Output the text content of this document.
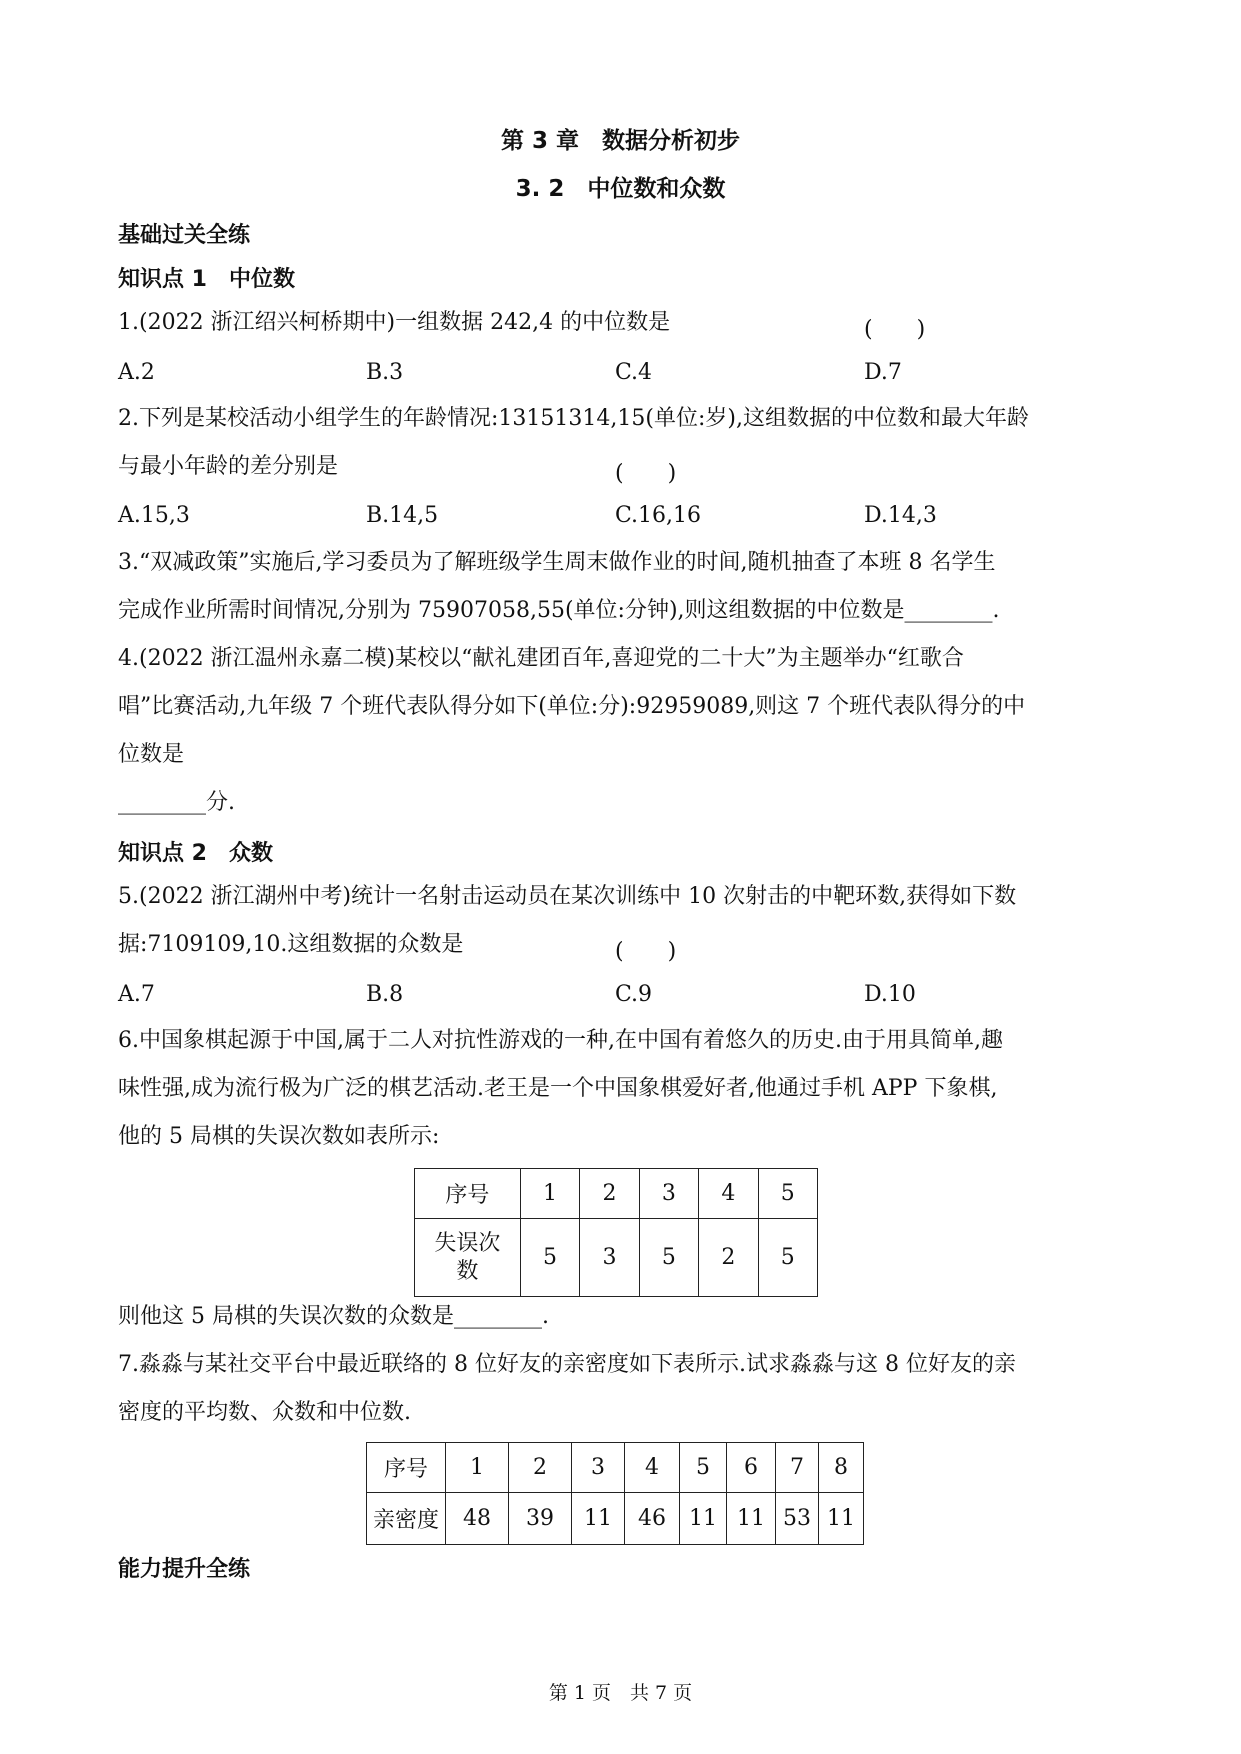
第 3 章　数据分析初步
3. 2　中位数和众数
基础过关全练
知识点 1　中位数
1.(2022 浙江绍兴柯桥期中)一组数据 242,4 的中位数是	(　　)
A.2	B.3	C.4	D.7
2.下列是某校活动小组学生的年龄情况:13151314,15(单位:岁),这组数据的中位数和最大年龄
与最小年龄的差分别是	(　　)
A.15,3	B.14,5	C.16,16	D.14,3
3.“双减政策”实施后,学习委员为了解班级学生周末做作业的时间,随机抽查了本班 8 名学生
完成作业所需时间情况,分别为 75907058,55(单位:分钟),则这组数据的中位数是________.
4.(2022 浙江温州永嘉二模)某校以“献礼建团百年,喜迎党的二十大”为主题举办“红歌合
唱”比赛活动,九年级 7 个班代表队得分如下(单位:分):92959089,则这 7 个班代表队得分的中
位数是
________分.
知识点 2　众数
5.(2022 浙江湖州中考)统计一名射击运动员在某次训练中 10 次射击的中靶环数,获得如下数
据:7109109,10.这组数据的众数是	(　　)
A.7	B.8	C.9	D.10
6.中国象棋起源于中国,属于二人对抗性游戏的一种,在中国有着悠久的历史.由于用具简单,趣
味性强,成为流行极为广泛的棋艺活动.老王是一个中国象棋爱好者,他通过手机 APP 下象棋,
他的 5 局棋的失误次数如表所示:
序号	1	2	3	4	5

失误次
数	5	3	5	2	5
则他这 5 局棋的失误次数的众数是________.
7.淼淼与某社交平台中最近联络的 8 位好友的亲密度如下表所示.试求淼淼与这 8 位好友的亲
密度的平均数、众数和中位数.
序号	1	2	3	4	5	6	7	8
亲密度	48	39	11	46	11	11	53	11
能力提升全练
第 1 页　共 7 页
